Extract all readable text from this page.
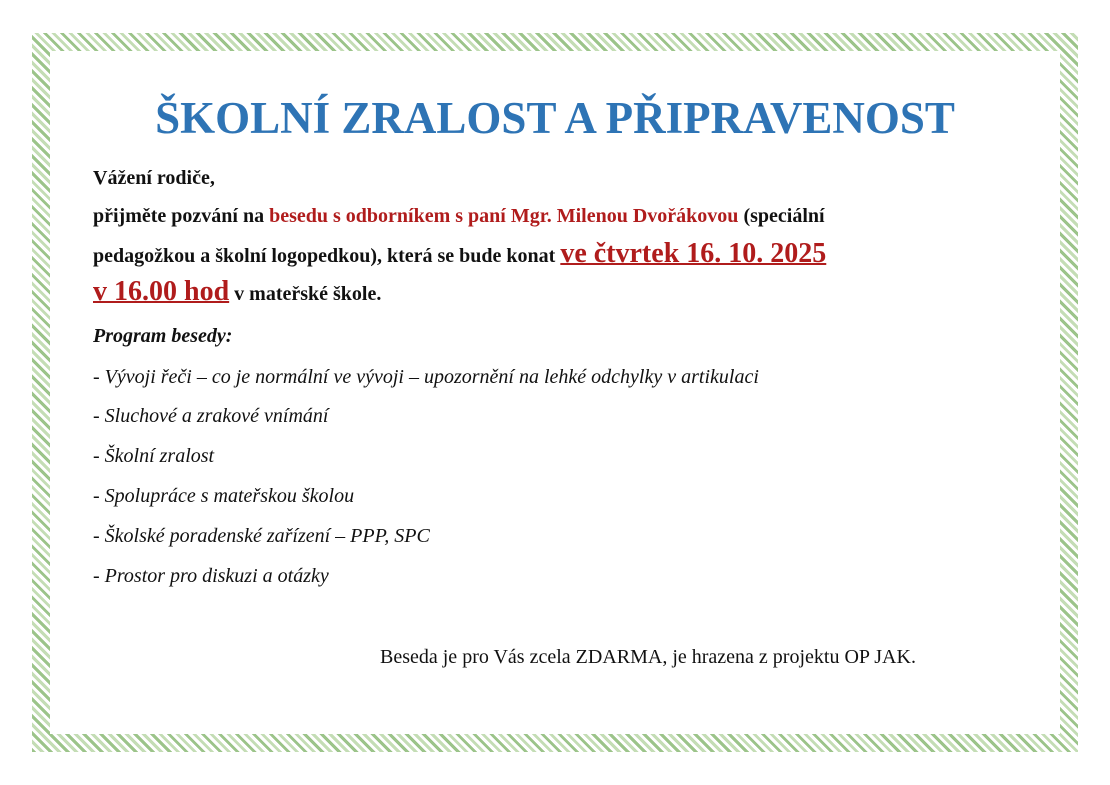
ŠKOLNÍ ZRALOST A PŘIPRAVENOST
Vážení rodiče,
přijměte pozvání na besedu s odborníkem s paní Mgr. Milenou Dvořákovou (speciální
pedagožkou a školní logopedkou), která se bude konat ve čtvrtek 16. 10. 2025
v 16.00 hod v mateřské škole.
Program besedy:
- Vývoji řeči – co je normální ve vývoji – upozornění na lehké odchylky v artikulaci
- Sluchové a zrakové vnímání
- Školní zralost
- Spolupráce s mateřskou školou
- Školské poradenské zařízení – PPP, SPC
- Prostor pro diskuzi a otázky
Beseda je pro Vás zcela ZDARMA, je hrazena z projektu OP JAK.
